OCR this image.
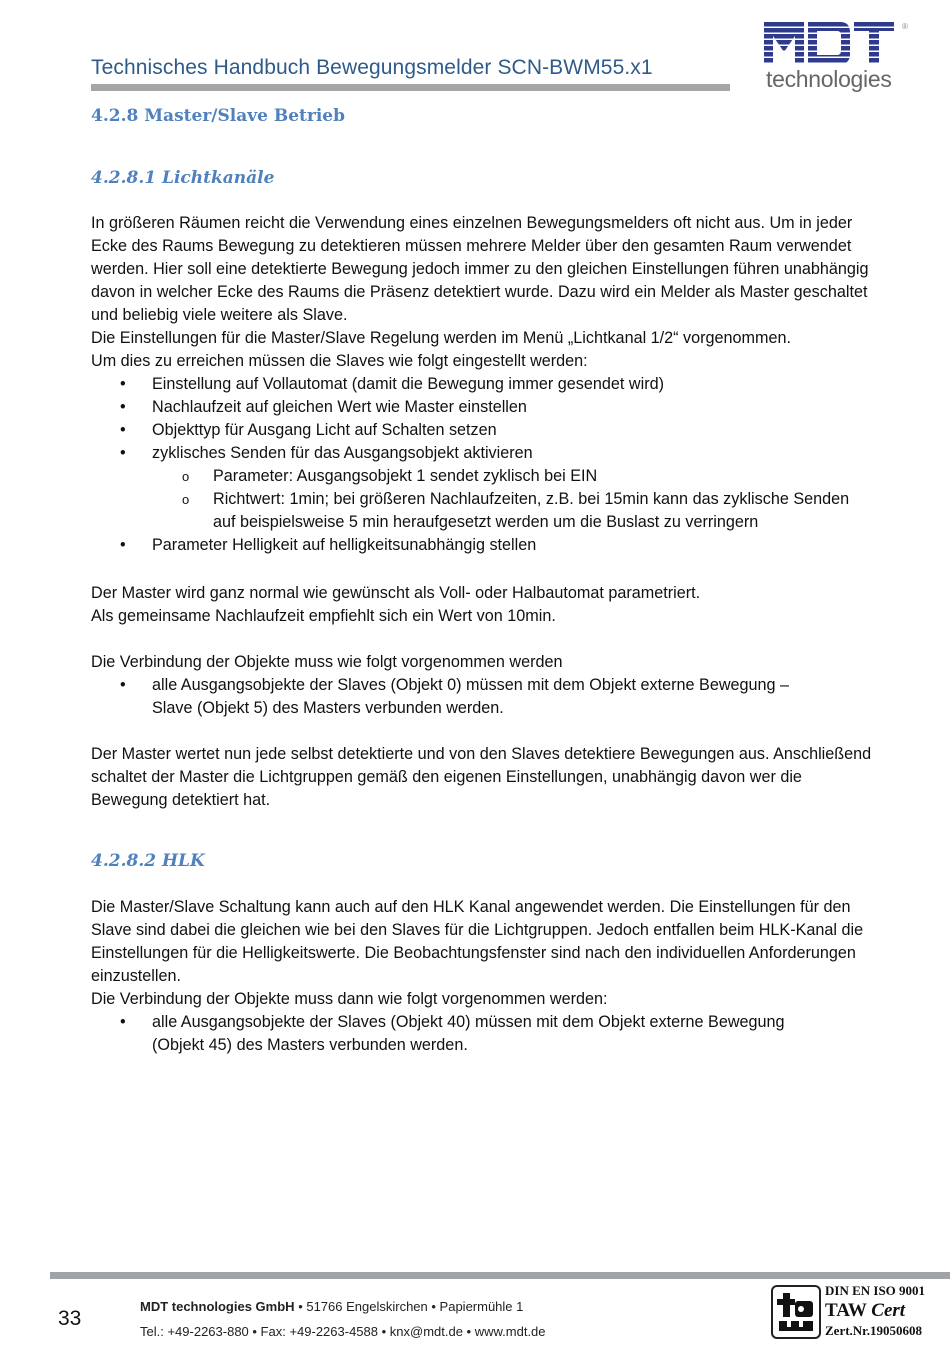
Technisches Handbuch Bewegungsmelder SCN-BWM55.x1
®
technologies
4.2.8 Master/Slave Betrieb
4.2.8.1 Lichtkanäle

In größeren Räumen reicht die Verwendung eines einzelnen Bewegungsmelders oft nicht aus. Um in jeder Ecke des Raums Bewegung zu detektieren müssen mehrere Melder über den gesamten Raum verwendet werden. Hier soll eine detektierte Bewegung jedoch immer zu den gleichen Einstellungen führen unabhängig davon in welcher Ecke des Raums die Präsenz detektiert wurde. Dazu wird ein Melder als Master geschaltet und beliebig viele weitere als Slave.

Die Einstellungen für die Master/Slave Regelung werden im Menü „Lichtkanal 1/2“ vorgenommen.

Um dies zu erreichen müssen die Slaves wie folgt eingestellt werden:

• Einstellung auf Vollautomat (damit die Bewegung immer gesendet wird)
• Nachlaufzeit auf gleichen Wert wie Master einstellen
• Objekttyp für Ausgang Licht auf Schalten setzen
• zyklisches Senden für das Ausgangsobjekt aktivieren
o Parameter: Ausgangsobjekt 1 sendet zyklisch bei EIN
o Richtwert: 1min; bei größeren Nachlaufzeiten, z.B. bei 15min kann das zyklische Senden auf beispielsweise 5 min heraufgesetzt werden um die Buslast zu verringern
• Parameter Helligkeit auf helligkeitsunabhängig stellen

Der Master wird ganz normal wie gewünscht als Voll- oder Halbautomat parametriert.

Als gemeinsame Nachlaufzeit empfiehlt sich ein Wert von 10min.

Die Verbindung der Objekte muss wie folgt vorgenommen werden

• alle Ausgangsobjekte der Slaves (Objekt 0) müssen mit dem Objekt externe Bewegung – Slave (Objekt 5) des Masters verbunden werden.

Der Master wertet nun jede selbst detektierte und von den Slaves detektiere Bewegungen aus. Anschließend schaltet der Master die Lichtgruppen gemäß den eigenen Einstellungen, unabhängig davon wer die Bewegung detektiert hat.

4.2.8.2 HLK

Die Master/Slave Schaltung kann auch auf den HLK Kanal angewendet werden. Die Einstellungen für den Slave sind dabei die gleichen wie bei den Slaves für die Lichtgruppen. Jedoch entfallen beim HLK-Kanal die Einstellungen für die Helligkeitswerte. Die Beobachtungsfenster sind nach den individuellen Anforderungen einzustellen.

Die Verbindung der Objekte muss dann wie folgt vorgenommen werden:

• alle Ausgangsobjekte der Slaves (Objekt 40) müssen mit dem Objekt externe Bewegung (Objekt 45) des Masters verbunden werden.
33
MDT technologies GmbH • 51766 Engelskirchen • Papiermühle 1
Tel.: +49-2263-880 • Fax: +49-2263-4588 • knx@mdt.de • www.mdt.de
DIN EN ISO 9001
TAW Cert
Zert.Nr.19050608
